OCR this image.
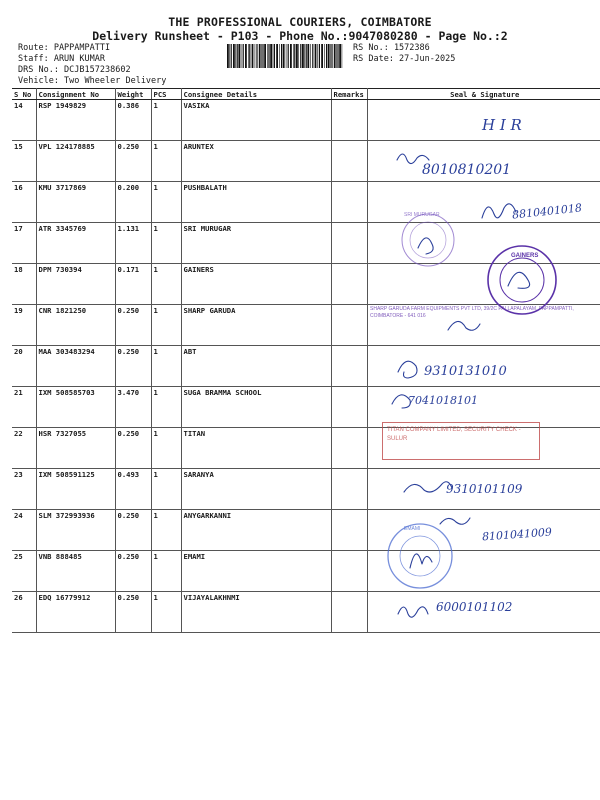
THE PROFESSIONAL COURIERS, COIMBATORE
Delivery Runsheet - P103 - Phone No.:9047080280 - Page No.:2
Route: PAPPAMPATTI
Staff: ARUN KUMAR
DRS No.: DCJB157238602
Vehicle: Two Wheeler Delivery
RS No.: 1572386
RS Date: 27-Jun-2025
S No	Consignment No	Weight	PCS	Consignee Details	Remarks	Seal & Signature
14	RSP 1949829	0.386	1	VASIKA		
15	VPL 124178885	0.250	1	ARUNTEX		
16	KMU 3717869	0.200	1	PUSHBALATH		
17	ATR 3345769	1.131	1	SRI MURUGAR		
18	DPM 730394	0.171	1	GAINERS		
19	CNR 1821250	0.250	1	SHARP GARUDA		
20	MAA 303483294	0.250	1	ABT		
21	IXM 508585703	3.470	1	SUGA BRAMMA SCHOOL		
22	HSR 7327055	0.250	1	TITAN		
23	IXM 508591125	0.493	1	SARANYA		
24	SLM 372993936	0.250	1	ANYGARKANNI		
25	VNB 888485	0.250	1	EMAMI		
26	EDQ 16779912	0.250	1	VIJAYALAKHNMI		
H I R
8010810201
8810401018
9310131010
7041018101
9310101109
8101041009
6000101102
SHARP GARUDA FARM EQUIPMENTS PVT LTD, 39/2C PALLAPALAYAM, PAPPAMPATTI, COIMBATORE - 641 016
TITAN COMPANY LIMITED, SECURITY CHECK - SULUR
GAINERS
SRI MURUGAR
EMAMI
